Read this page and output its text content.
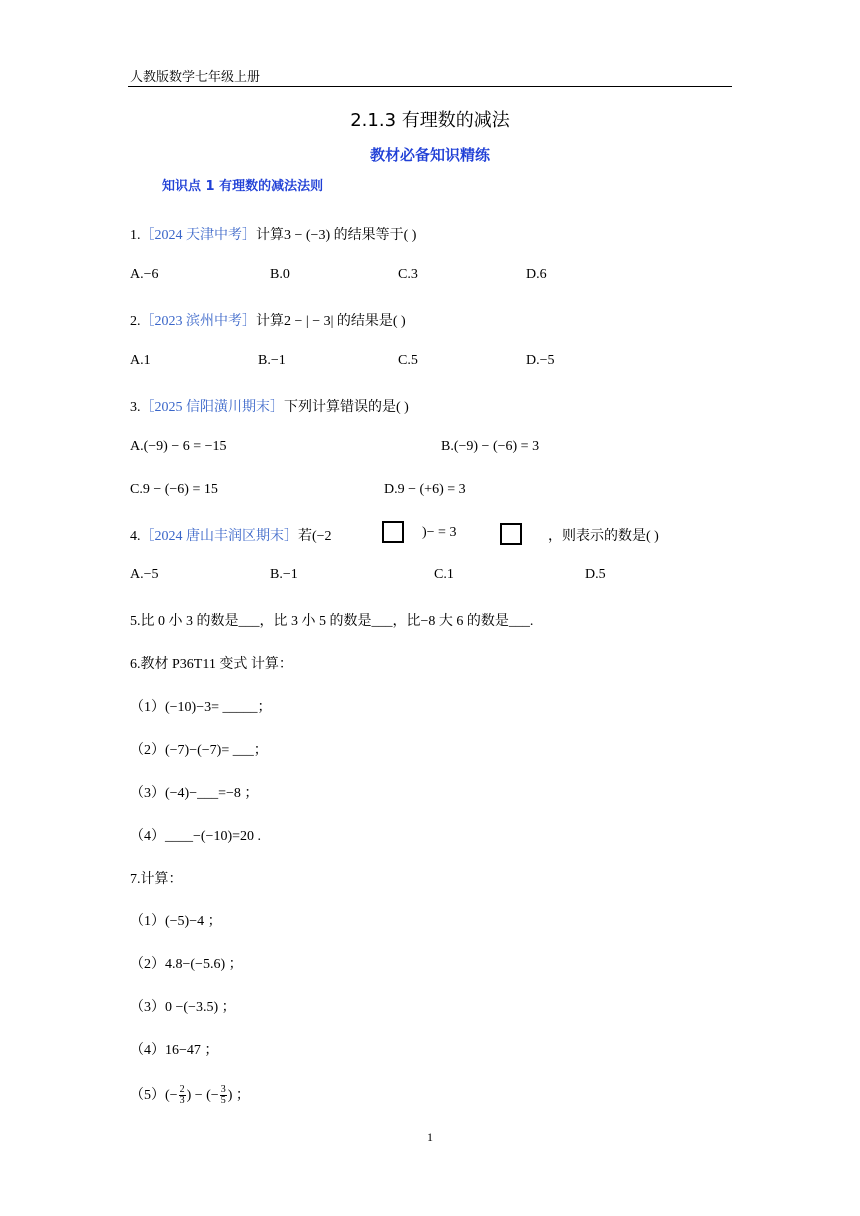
人教版数学七年级上册
2.1.3 有理数的减法
教材必备知识精练
知识点 1 有理数的减法法则
1.［2024 天津中考］计算3 − (−3) 的结果等于( )
A.−6	B.0	C.3	D.6
2.［2023 滨州中考］计算2 − | − 3| 的结果是( )
A.1	B.−1	C.5	D.−5
3.［2025 信阳潢川期末］下列计算错误的是( )
A.(−9) − 6 = −15	B.(−9) − (−6) = 3
C.9 − (−6) = 15	D.9 − (+6) = 3
4.［2024 唐山丰润区期末］若(−2	)− = 3	，则表示的数是( )
A.−5	B.−1	C.1	D.5
5.比 0 小 3 的数是___，比 3 小 5 的数是___，比−8 大 6 的数是___.
6.教材 P36T11 变式 计算：
（1）(−10)−3= _____；
（2）(−7)−(−7)= ___；
（3）(−4)−___=−8 ；
（4）____−(−10)=20 .
7.计算：
（1）(−5)−4 ；
（2）4.8−(−5.6) ；
（3）0 −(−3.5) ；
（4）16−47 ；
$(5)(- \frac{2}{3}$ ) − (− $\frac{3}{5}$ ) ；
1
